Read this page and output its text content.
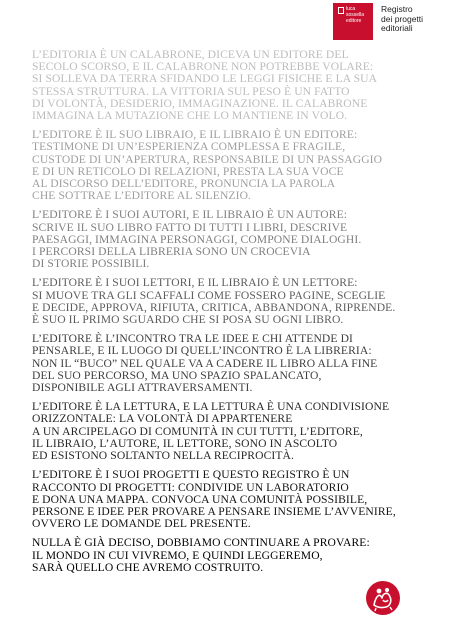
luca
sossella
editore
Registro
dei progetti
editoriali
L’EDITORIA È UN CALABRONE, DICEVA UN EDITORE DEL
SECOLO SCORSO, E IL CALABRONE NON POTREBBE VOLARE:
SI SOLLEVA DA TERRA SFIDANDO LE LEGGI FISICHE E LA SUA
STESSA STRUTTURA. LA VITTORIA SUL PESO È UN FATTO
DI VOLONTÀ, DESIDERIO, IMMAGINAZIONE. IL CALABRONE
IMMAGINA LA MUTAZIONE CHE LO MANTIENE IN VOLO.
L’EDITORE È IL SUO LIBRAIO, E IL LIBRAIO È UN EDITORE:
TESTIMONE DI UN’ESPERIENZA COMPLESSA E FRAGILE,
CUSTODE DI UN’APERTURA, RESPONSABILE DI UN PASSAGGIO
E DI UN RETICOLO DI RELAZIONI, PRESTA LA SUA VOCE
AL DISCORSO DELL’EDITORE, PRONUNCIA LA PAROLA
CHE SOTTRAE L’EDITORE AL SILENZIO.
L’EDITORE È I SUOI AUTORI, E IL LIBRAIO È UN AUTORE:
SCRIVE IL SUO LIBRO FATTO DI TUTTI I LIBRI, DESCRIVE
PAESAGGI, IMMAGINA PERSONAGGI, COMPONE DIALOGHI.
I PERCORSI DELLA LIBRERIA SONO UN CROCEVIA
DI STORIE POSSIBILI.
L’EDITORE È I SUOI LETTORI, E IL LIBRAIO È UN LETTORE:
SI MUOVE TRA GLI SCAFFALI COME FOSSERO PAGINE, SCEGLIE
E DECIDE, APPROVA, RIFIUTA, CRITICA, ABBANDONA, RIPRENDE.
È SUO IL PRIMO SGUARDO CHE SI POSA SU OGNI LIBRO.
L’EDITORE È L’INCONTRO TRA LE IDEE E CHI ATTENDE DI
PENSARLE, E IL LUOGO DI QUELL’INCONTRO È LA LIBRERIA:
NON IL “BUCO” NEL QUALE VA A CADERE IL LIBRO ALLA FINE
DEL SUO PERCORSO, MA UNO SPAZIO SPALANCATO,
DISPONIBILE AGLI ATTRAVERSAMENTI.
L’EDITORE È LA LETTURA, E LA LETTURA È UNA CONDIVISIONE
ORIZZONTALE: LA VOLONTÀ DI APPARTENERE
A UN ARCIPELAGO DI COMUNITÀ IN CUI TUTTI, L’EDITORE,
IL LIBRAIO, L’AUTORE, IL LETTORE, SONO IN ASCOLTO
ED ESISTONO SOLTANTO NELLA RECIPROCITÀ.
L’EDITORE È I SUOI PROGETTI E QUESTO REGISTRO È UN
RACCONTO DI PROGETTI: CONDIVIDE UN LABORATORIO
E DONA UNA MAPPA. CONVOCA UNA COMUNITÀ POSSIBILE,
PERSONE E IDEE PER PROVARE A PENSARE INSIEME L’AVVENIRE,
OVVERO LE DOMANDE DEL PRESENTE.
NULLA È GIÀ DECISO, DOBBIAMO CONTINUARE A PROVARE:
IL MONDO IN CUI VIVREMO, E QUINDI LEGGEREMO,
SARÀ QUELLO CHE AVREMO COSTRUITO.
